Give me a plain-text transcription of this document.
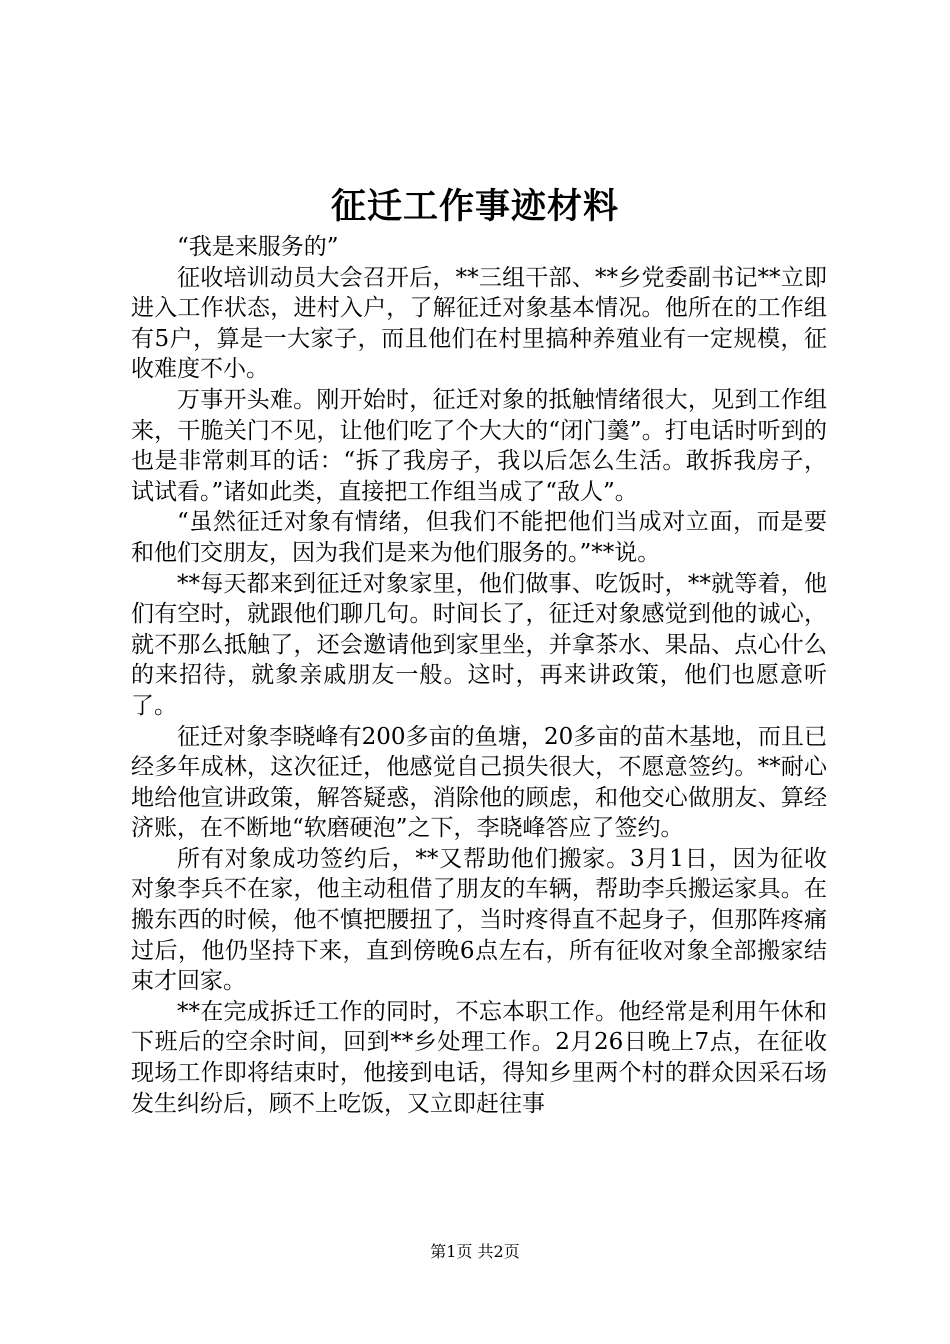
征迁工作事迹材料

“我是来服务的”

征收培训动员大会召开后，**三组干部、**乡党委副书记**立即进入工作状态，进村入户，了解征迁对象基本情况。他所在的工作组有5户，算是一大家子，而且他们在村里搞种养殖业有一定规模，征收难度不小。

万事开头难。刚开始时，征迁对象的抵触情绪很大，见到工作组来，干脆关门不见，让他们吃了个大大的“闭门羹”。打电话时听到的也是非常刺耳的话：“拆了我房子，我以后怎么生活。敢拆我房子，试试看。”诸如此类，直接把工作组当成了“敌人”。

“虽然征迁对象有情绪，但我们不能把他们当成对立面，而是要和他们交朋友，因为我们是来为他们服务的。”**说。

**每天都来到征迁对象家里，他们做事、吃饭时，**就等着，他们有空时，就跟他们聊几句。时间长了，征迁对象感觉到他的诚心，就不那么抵触了，还会邀请他到家里坐，并拿茶水、果品、点心什么的来招待，就象亲戚朋友一般。这时，再来讲政策，他们也愿意听了。

征迁对象李晓峰有200多亩的鱼塘，20多亩的苗木基地，而且已经多年成林，这次征迁，他感觉自己损失很大，不愿意签约。**耐心地给他宣讲政策，解答疑惑，消除他的顾虑，和他交心做朋友、算经济账，在不断地“软磨硬泡”之下，李晓峰答应了签约。

所有对象成功签约后，**又帮助他们搬家。3月1日，因为征收对象李兵不在家，他主动租借了朋友的车辆，帮助李兵搬运家具。在搬东西的时候，他不慎把腰扭了，当时疼得直不起身子，但那阵疼痛过后，他仍坚持下来，直到傍晚6点左右，所有征收对象全部搬家结束才回家。

**在完成拆迁工作的同时，不忘本职工作。他经常是利用午休和下班后的空余时间，回到**乡处理工作。2月26日晚上7点，在征收现场工作即将结束时，他接到电话，得知乡里两个村的群众因采石场发生纠纷后，顾不上吃饭，又立即赶往事

第1页 共2页
